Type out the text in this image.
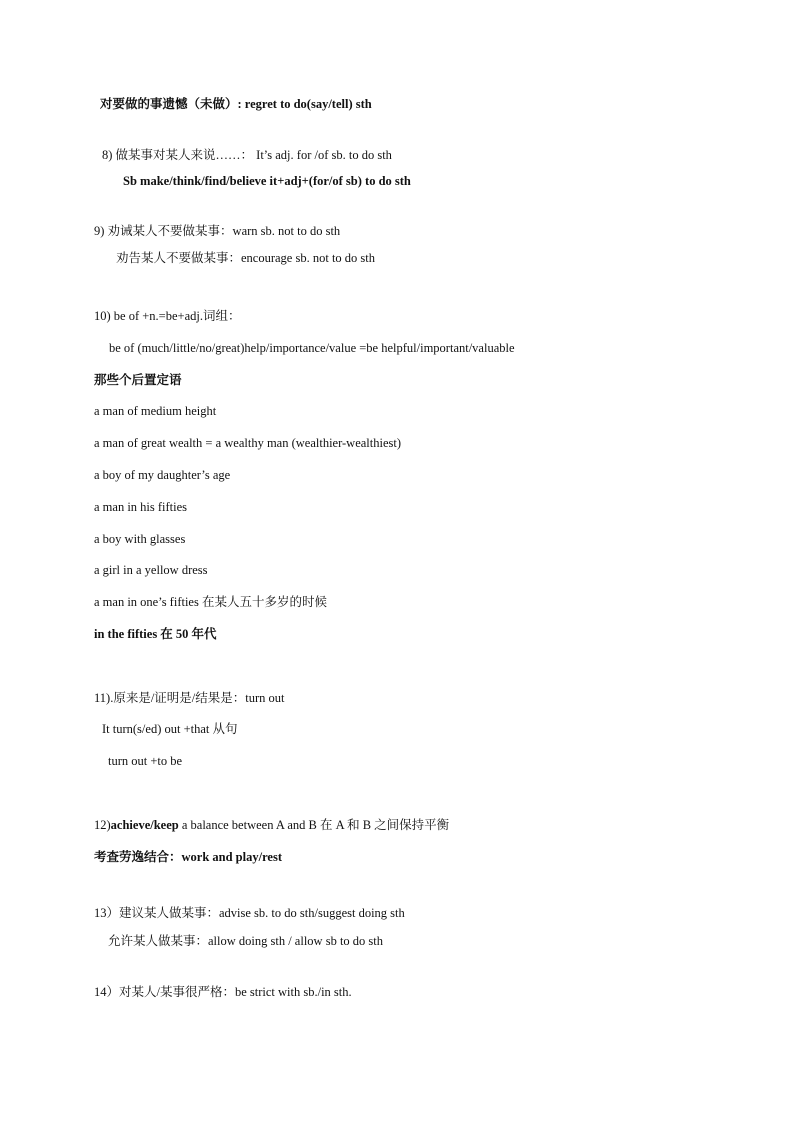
对要做的事遗憾（未做）: regret to do(say/tell) sth
8) 做某事对某人来说……： It’s adj. for /of sb. to do sth
Sb make/think/find/believe it+adj+(for/of sb) to do sth
9) 劝诫某人不要做某事：warn sb. not to do sth
劝告某人不要做某事：encourage sb. not to do sth
10) be of +n.=be+adj.词组：
be of (much/little/no/great)help/importance/value =be helpful/important/valuable
那些个后置定语
a man of medium height
a man of great wealth = a wealthy man (wealthier-wealthiest)
a boy of my daughter’s age
a man in his fifties
a boy with glasses
a girl in a yellow dress
a man in one’s fifties 在某人五十多岁的时候
in the fifties 在 50 年代
11).原来是/证明是/结果是：turn out
It turn(s/ed) out +that 从句
turn out +to be
12)achieve/keep a balance between A and B 在 A 和 B 之间保持平衡
考查劳逸结合：work and play/rest
13）建议某人做某事：advise sb. to do sth/suggest doing sth
允许某人做某事：allow doing sth / allow sb to do sth
14）对某人/某事很严格：be strict with sb./in sth.
